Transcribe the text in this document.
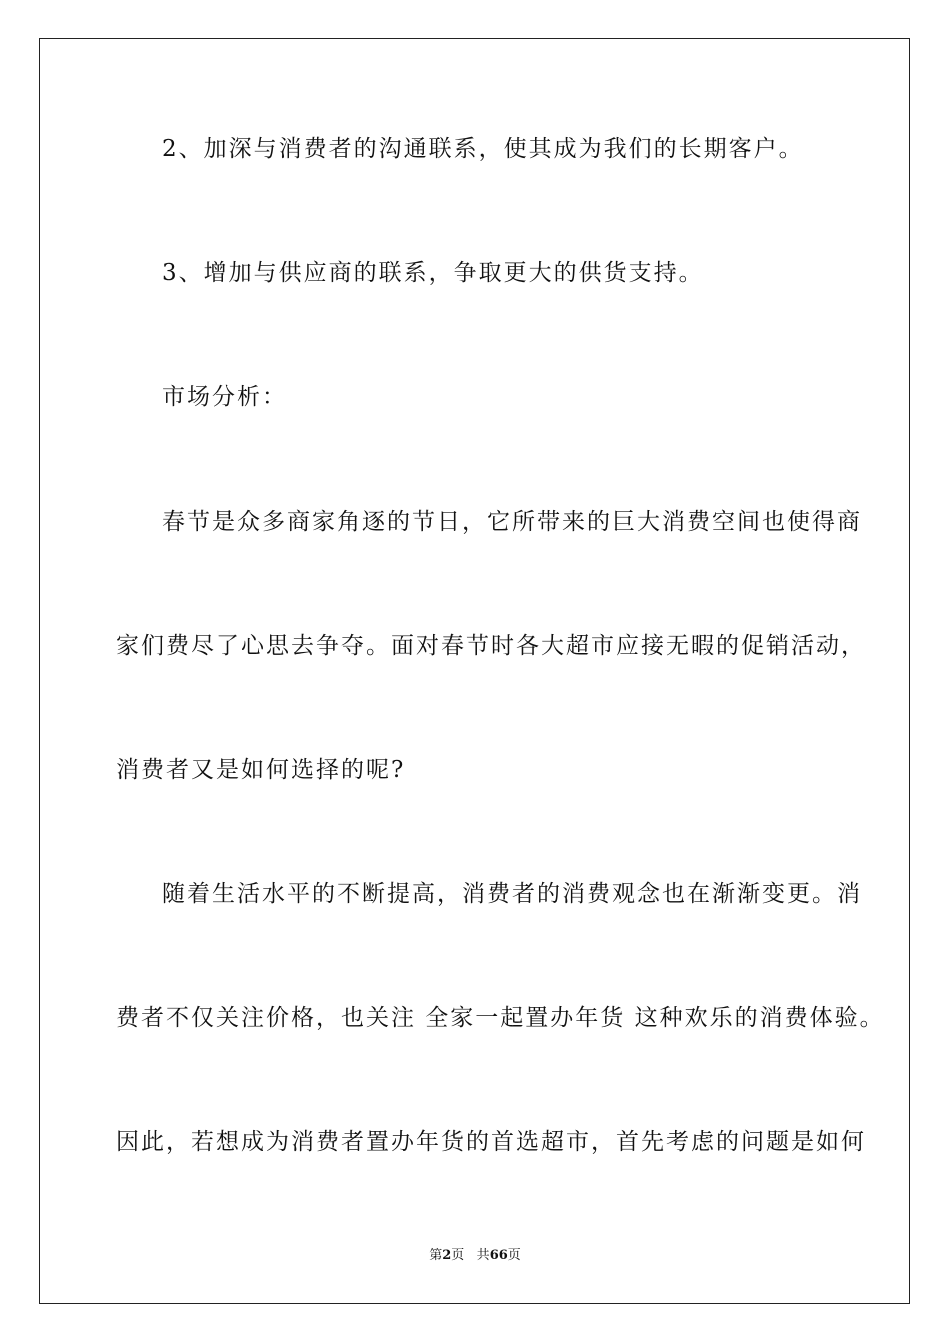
2、加深与消费者的沟通联系，使其成为我们的长期客户。
3、增加与供应商的联系，争取更大的供货支持。
市场分析：
春节是众多商家角逐的节日，它所带来的巨大消费空间也使得商
家们费尽了心思去争夺。面对春节时各大超市应接无暇的促销活动，
消费者又是如何选择的呢?
随着生活水平的不断提高，消费者的消费观念也在渐渐变更。消
费者不仅关注价格，也关注 全家一起置办年货 这种欢乐的消费体验。
因此，若想成为消费者置办年货的首选超市，首先考虑的问题是如何
第2页 共66页
